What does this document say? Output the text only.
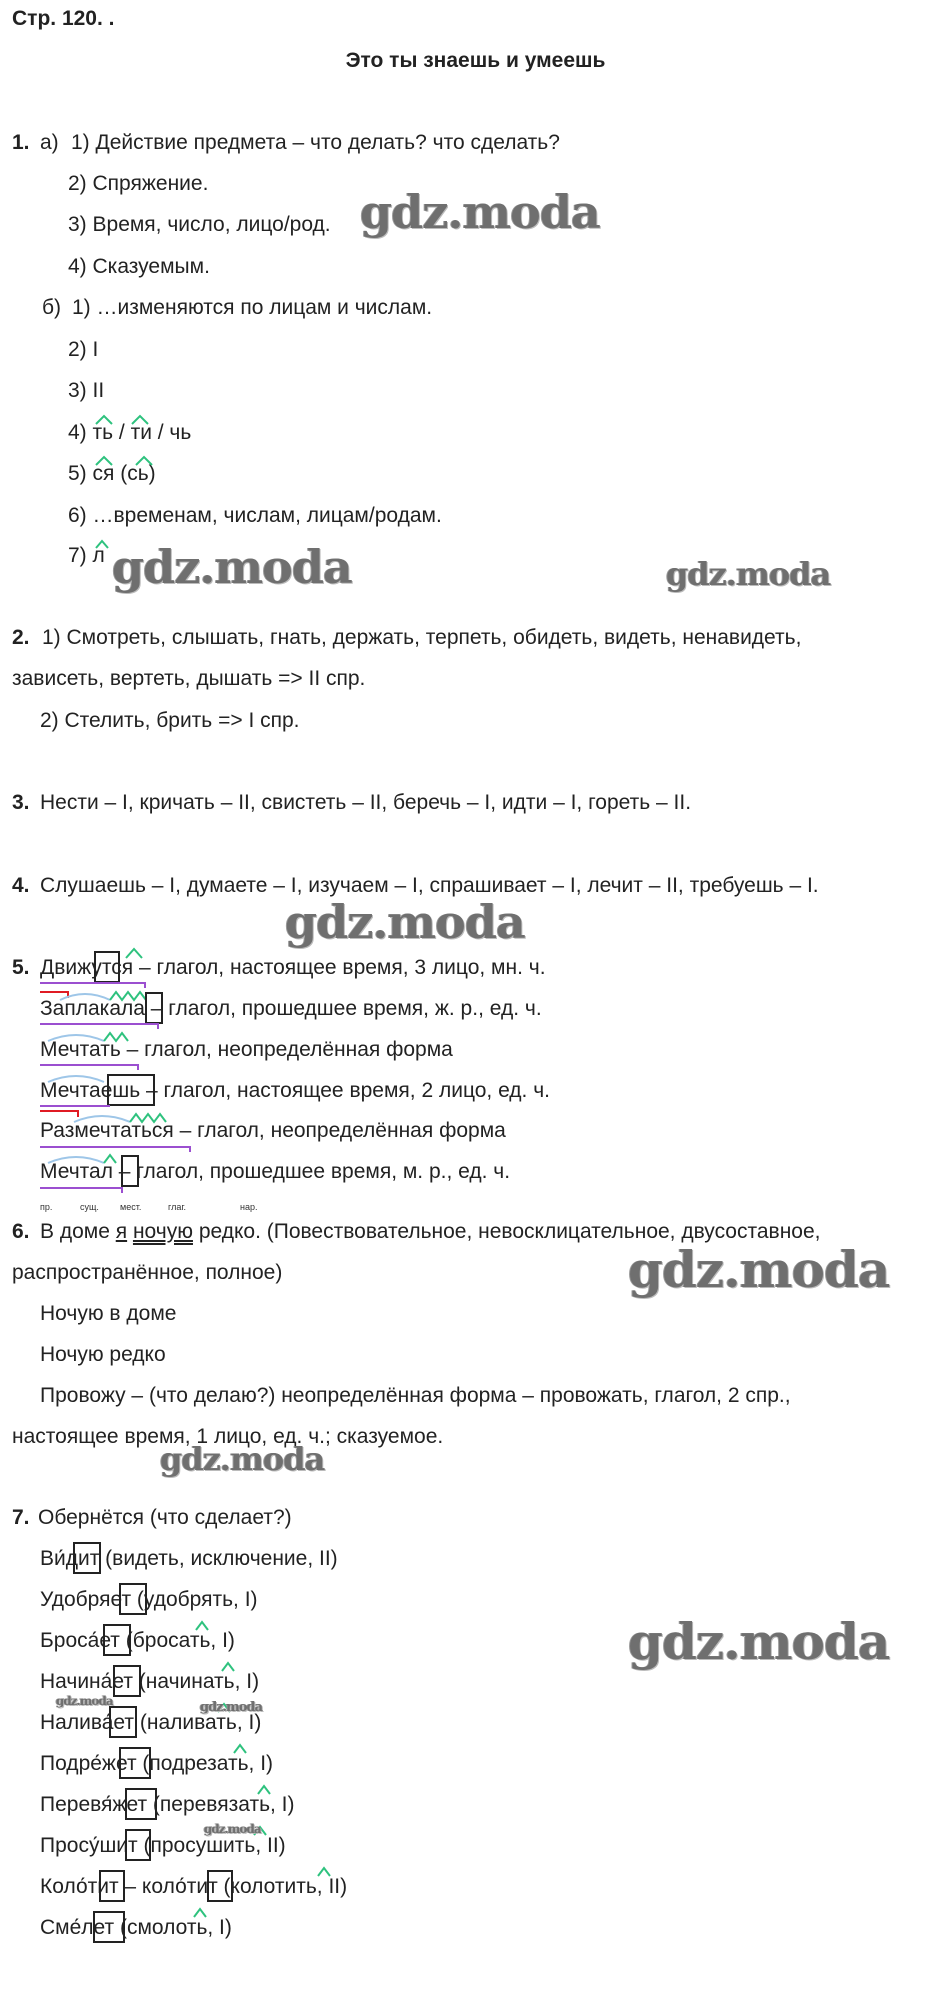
Стр. 120. .
Это ты знаешь и умеешь
1. а) 1) Действие предмета – что делать? что сделать?
2) Спряжение.
3) Время, число, лицо/род.
4) Сказуемым.
б) 1) …изменяются по лицам и числам.
2) I
3) II
4) ть / ти / чь
5) ся (сь)
6) …временам, числам, лицам/родам.
7) л
2. 1) Смотреть, слышать, гнать, держать, терпеть, обидеть, видеть, ненавидеть,
зависеть, вертеть, дышать => II спр.
2) Стелить, брить => I спр.
3. Нести – I, кричать – II, свистеть – II, беречь – I, идти – I, гореть – II.
4. Слушаешь – I, думаете – I, изучаем – I, спрашивает – I, лечит – II, требуешь – I.
5. Движутся – глагол, настоящее время, 3 лицо, мн. ч.
Заплакала – глагол, прошедшее время, ж. р., ед. ч.
Мечтать – глагол, неопределённая форма
Мечтаешь – глагол, настоящее время, 2 лицо, ед. ч.
Размечтаться – глагол, неопределённая форма
Мечтал – глагол, прошедшее время, м. р., ед. ч.
пр.	сущ. мест.	глаг.	нар.
6. В доме я ночую редко. (Повествовательное, невосклицательное, двусоставное,
распространённое, полное)
Ночую в доме
Ночую редко
Провожу – (что делаю?) неопределённая форма – провожать, глагол, 2 спр.,
настоящее время, 1 лицо, ед. ч.; сказуемое.
7. Обернётся (что сделает?)
Ви́дит (видеть, исключение, II)
Удобряет (удобрять, I)
Броса́ет (бросать, I)
Начина́ет (начинать, I)
Налива́ет (наливать, I)
Подре́жет (подрезать, I)
Перевя́жет (перевязать, I)
Просу́шит (просушить, II)
Коло́тит – коло́тит (колотить, II)
Сме́лет (смолоть, I)
gdz.moda
gdz.moda	gdz.moda
gdz.moda
gdz.moda
gdz.moda
gdz.moda
gdz.moda	gdz.moda
gdz.moda
